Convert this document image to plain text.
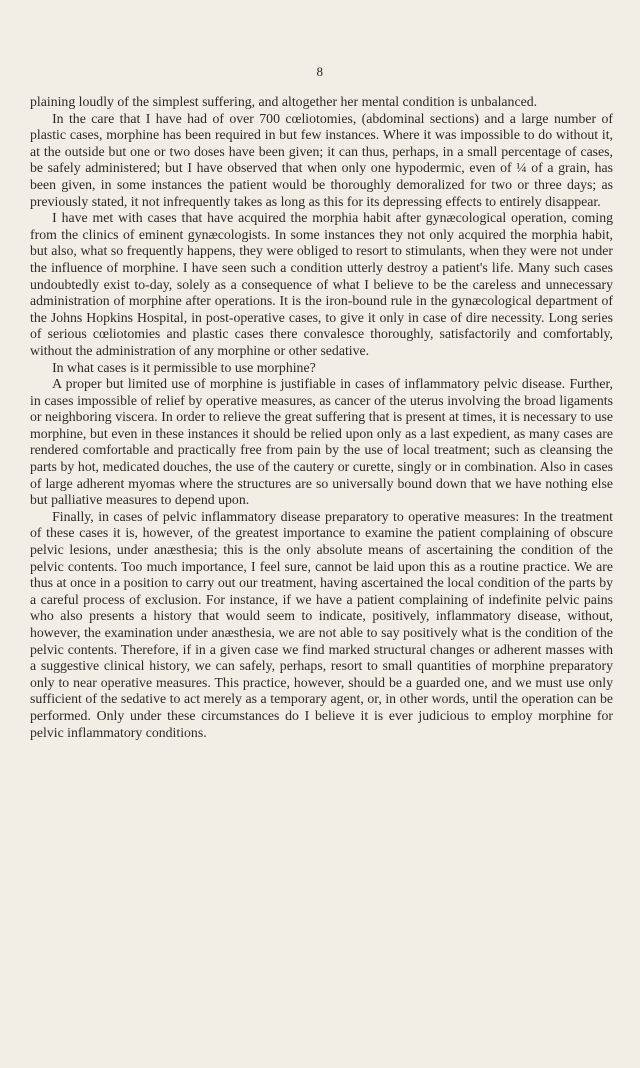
8

plaining loudly of the simplest suffering, and altogether her mental condition is unbalanced.

In the care that I have had of over 700 cœliotomies, (abdominal sections) and a large number of plastic cases, morphine has been required in but few instances. Where it was impossible to do without it, at the outside but one or two doses have been given; it can thus, perhaps, in a small percentage of cases, be safely administered; but I have observed that when only one hypodermic, even of ¼ of a grain, has been given, in some instances the patient would be thoroughly demoralized for two or three days; as previously stated, it not infrequently takes as long as this for its depressing effects to entirely disappear.

I have met with cases that have acquired the morphia habit after gynæcological operation, coming from the clinics of eminent gynæcologists. In some instances they not only acquired the morphia habit, but also, what so frequently happens, they were obliged to resort to stimulants, when they were not under the influence of morphine. I have seen such a condition utterly destroy a patient's life. Many such cases undoubtedly exist to-day, solely as a consequence of what I believe to be the careless and unnecessary administration of morphine after operations. It is the iron-bound rule in the gynæcological department of the Johns Hopkins Hospital, in post-operative cases, to give it only in case of dire necessity. Long series of serious cœliotomies and plastic cases there convalesce thoroughly, satisfactorily and comfortably, without the administration of any morphine or other sedative.

In what cases is it permissible to use morphine?

A proper but limited use of morphine is justifiable in cases of inflammatory pelvic disease. Further, in cases impossible of relief by operative measures, as cancer of the uterus involving the broad ligaments or neighboring viscera. In order to relieve the great suffering that is present at times, it is necessary to use morphine, but even in these instances it should be relied upon only as a last expedient, as many cases are rendered comfortable and practically free from pain by the use of local treatment; such as cleansing the parts by hot, medicated douches, the use of the cautery or curette, singly or in combination. Also in cases of large adherent myomas where the structures are so universally bound down that we have nothing else but palliative measures to depend upon.

Finally, in cases of pelvic inflammatory disease preparatory to operative measures: In the treatment of these cases it is, however, of the greatest importance to examine the patient complaining of obscure pelvic lesions, under anæsthesia; this is the only absolute means of ascertaining the condition of the pelvic contents. Too much importance, I feel sure, cannot be laid upon this as a routine practice. We are thus at once in a position to carry out our treatment, having ascertained the local condition of the parts by a careful process of exclusion. For instance, if we have a patient complaining of indefinite pelvic pains who also presents a history that would seem to indicate, positively, inflammatory disease, without, however, the examination under anæsthesia, we are not able to say positively what is the condition of the pelvic contents. Therefore, if in a given case we find marked structural changes or adherent masses with a suggestive clinical history, we can safely, perhaps, resort to small quantities of morphine preparatory only to near operative measures. This practice, however, should be a guarded one, and we must use only sufficient of the sedative to act merely as a temporary agent, or, in other words, until the operation can be performed. Only under these circumstances do I believe it is ever judicious to employ morphine for pelvic inflammatory conditions.
